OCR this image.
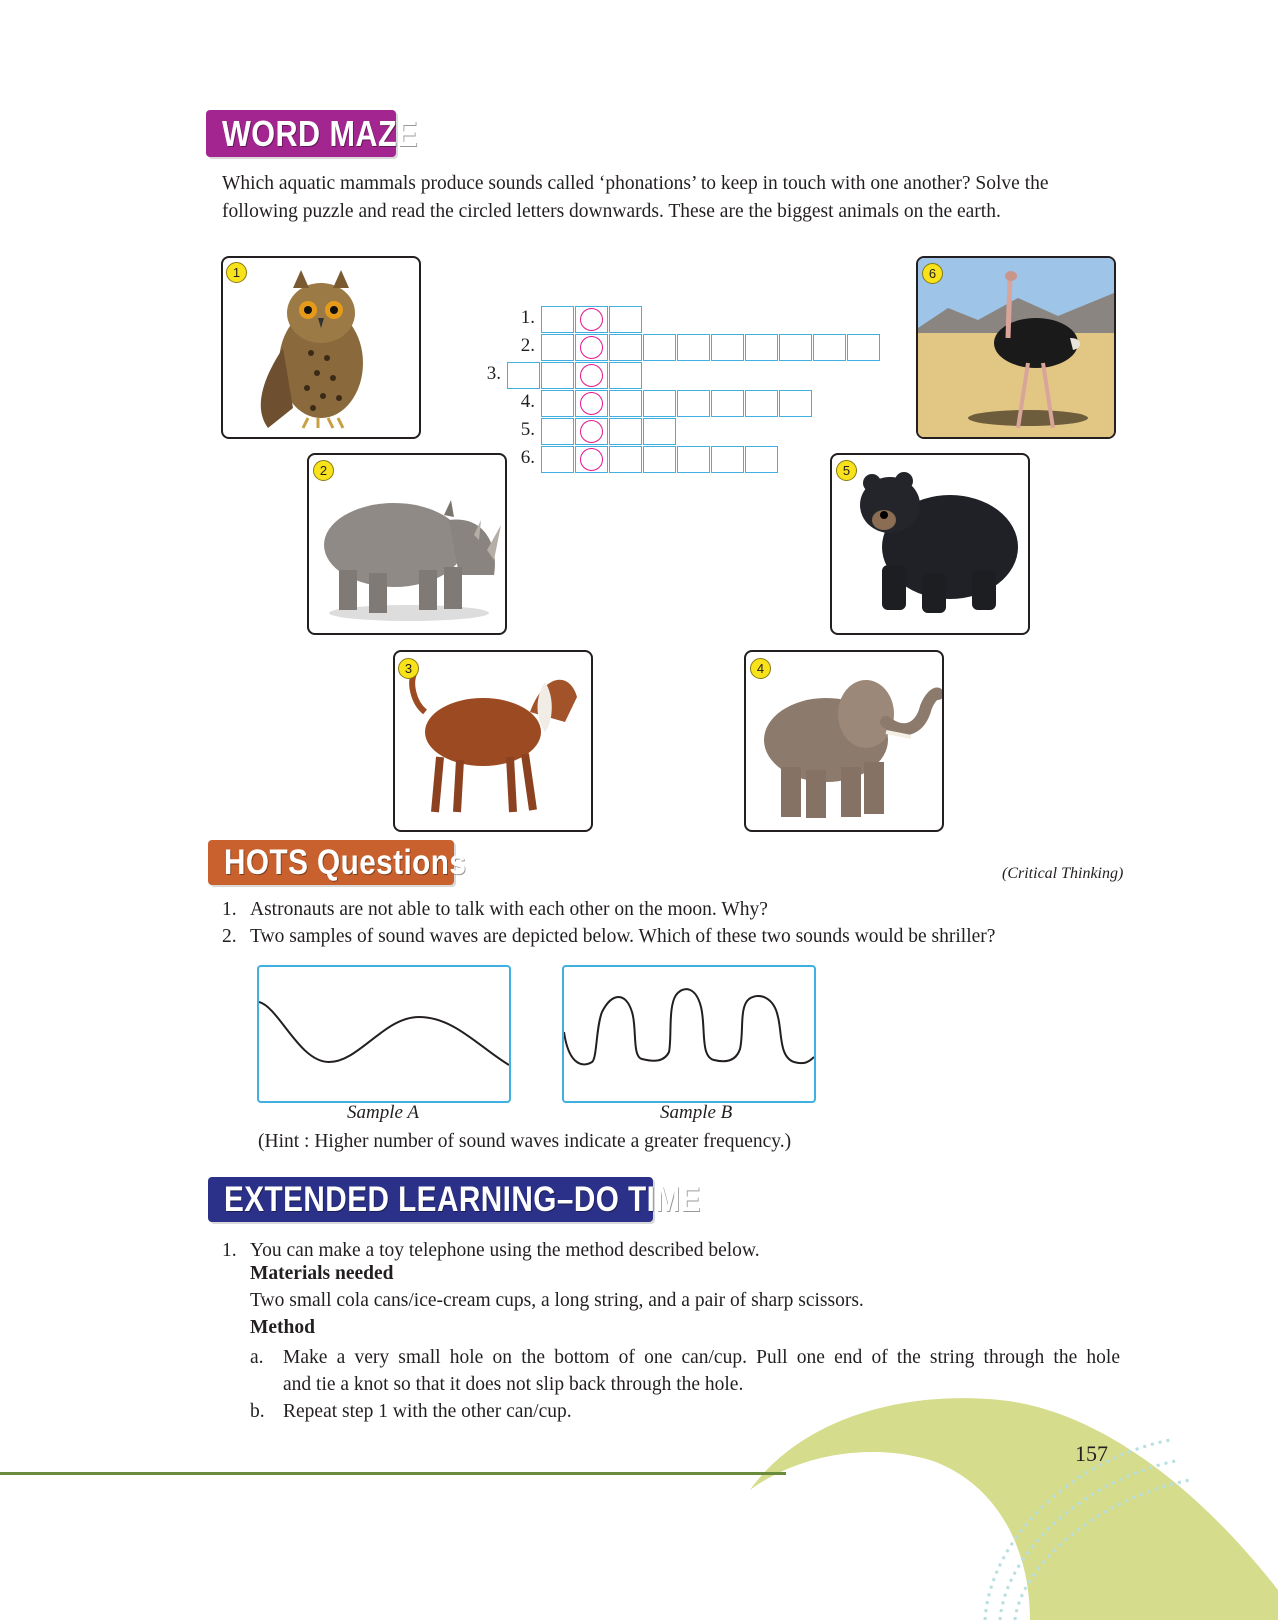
157
WORD MAZE
Which aquatic mammals produce sounds called ‘phonations’ to keep in touch with one another? Solve the
following puzzle and read the circled letters downwards. These are the biggest animals on the earth.
1	6
2	5
3	4
1.
2.
3.
4.
5.
6.
HOTS Questions	(Critical Thinking)
1. Astronauts are not able to talk with each other on the moon. Why?
2. Two samples of sound waves are depicted below. Which of these two sounds would be shriller?
Sample A	Sample B
(Hint : Higher number of sound waves indicate a greater frequency.)
EXTENDED LEARNING–DO TIME
1. You can make a toy telephone using the method described below.
Materials needed
Two small cola cans/ice-cream cups, a long string, and a pair of sharp scissors.
Method
a. Make a very small hole on the bottom of one can/cup. Pull one end of the string through the hole
and tie a knot so that it does not slip back through the hole.
b. Repeat step 1 with the other can/cup.
